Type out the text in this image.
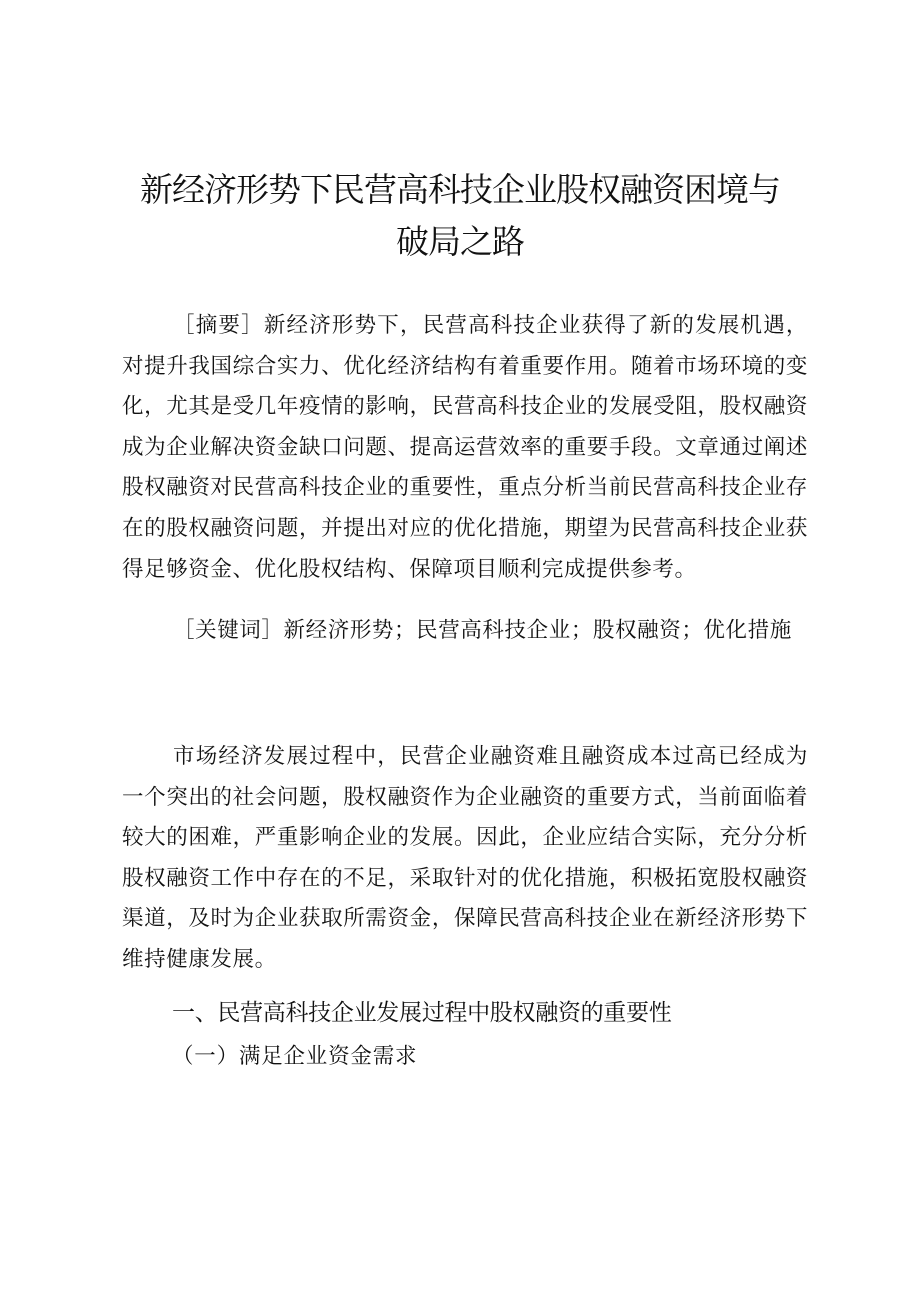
新经济形势下民营高科技企业股权融资困境与
破局之路

［摘要］新经济形势下，民营高科技企业获得了新的发展机遇，对提升我国综合实力、优化经济结构有着重要作用。随着市场环境的变化，尤其是受几年疫情的影响，民营高科技企业的发展受阻，股权融资成为企业解决资金缺口问题、提高运营效率的重要手段。文章通过阐述股权融资对民营高科技企业的重要性，重点分析当前民营高科技企业存在的股权融资问题，并提出对应的优化措施，期望为民营高科技企业获得足够资金、优化股权结构、保障项目顺利完成提供参考。

［关键词］新经济形势；民营高科技企业；股权融资；优化措施

市场经济发展过程中，民营企业融资难且融资成本过高已经成为一个突出的社会问题，股权融资作为企业融资的重要方式，当前面临着较大的困难，严重影响企业的发展。因此，企业应结合实际，充分分析股权融资工作中存在的不足，采取针对的优化措施，积极拓宽股权融资渠道，及时为企业获取所需资金，保障民营高科技企业在新经济形势下维持健康发展。

一、民营高科技企业发展过程中股权融资的重要性
（一）满足企业资金需求
